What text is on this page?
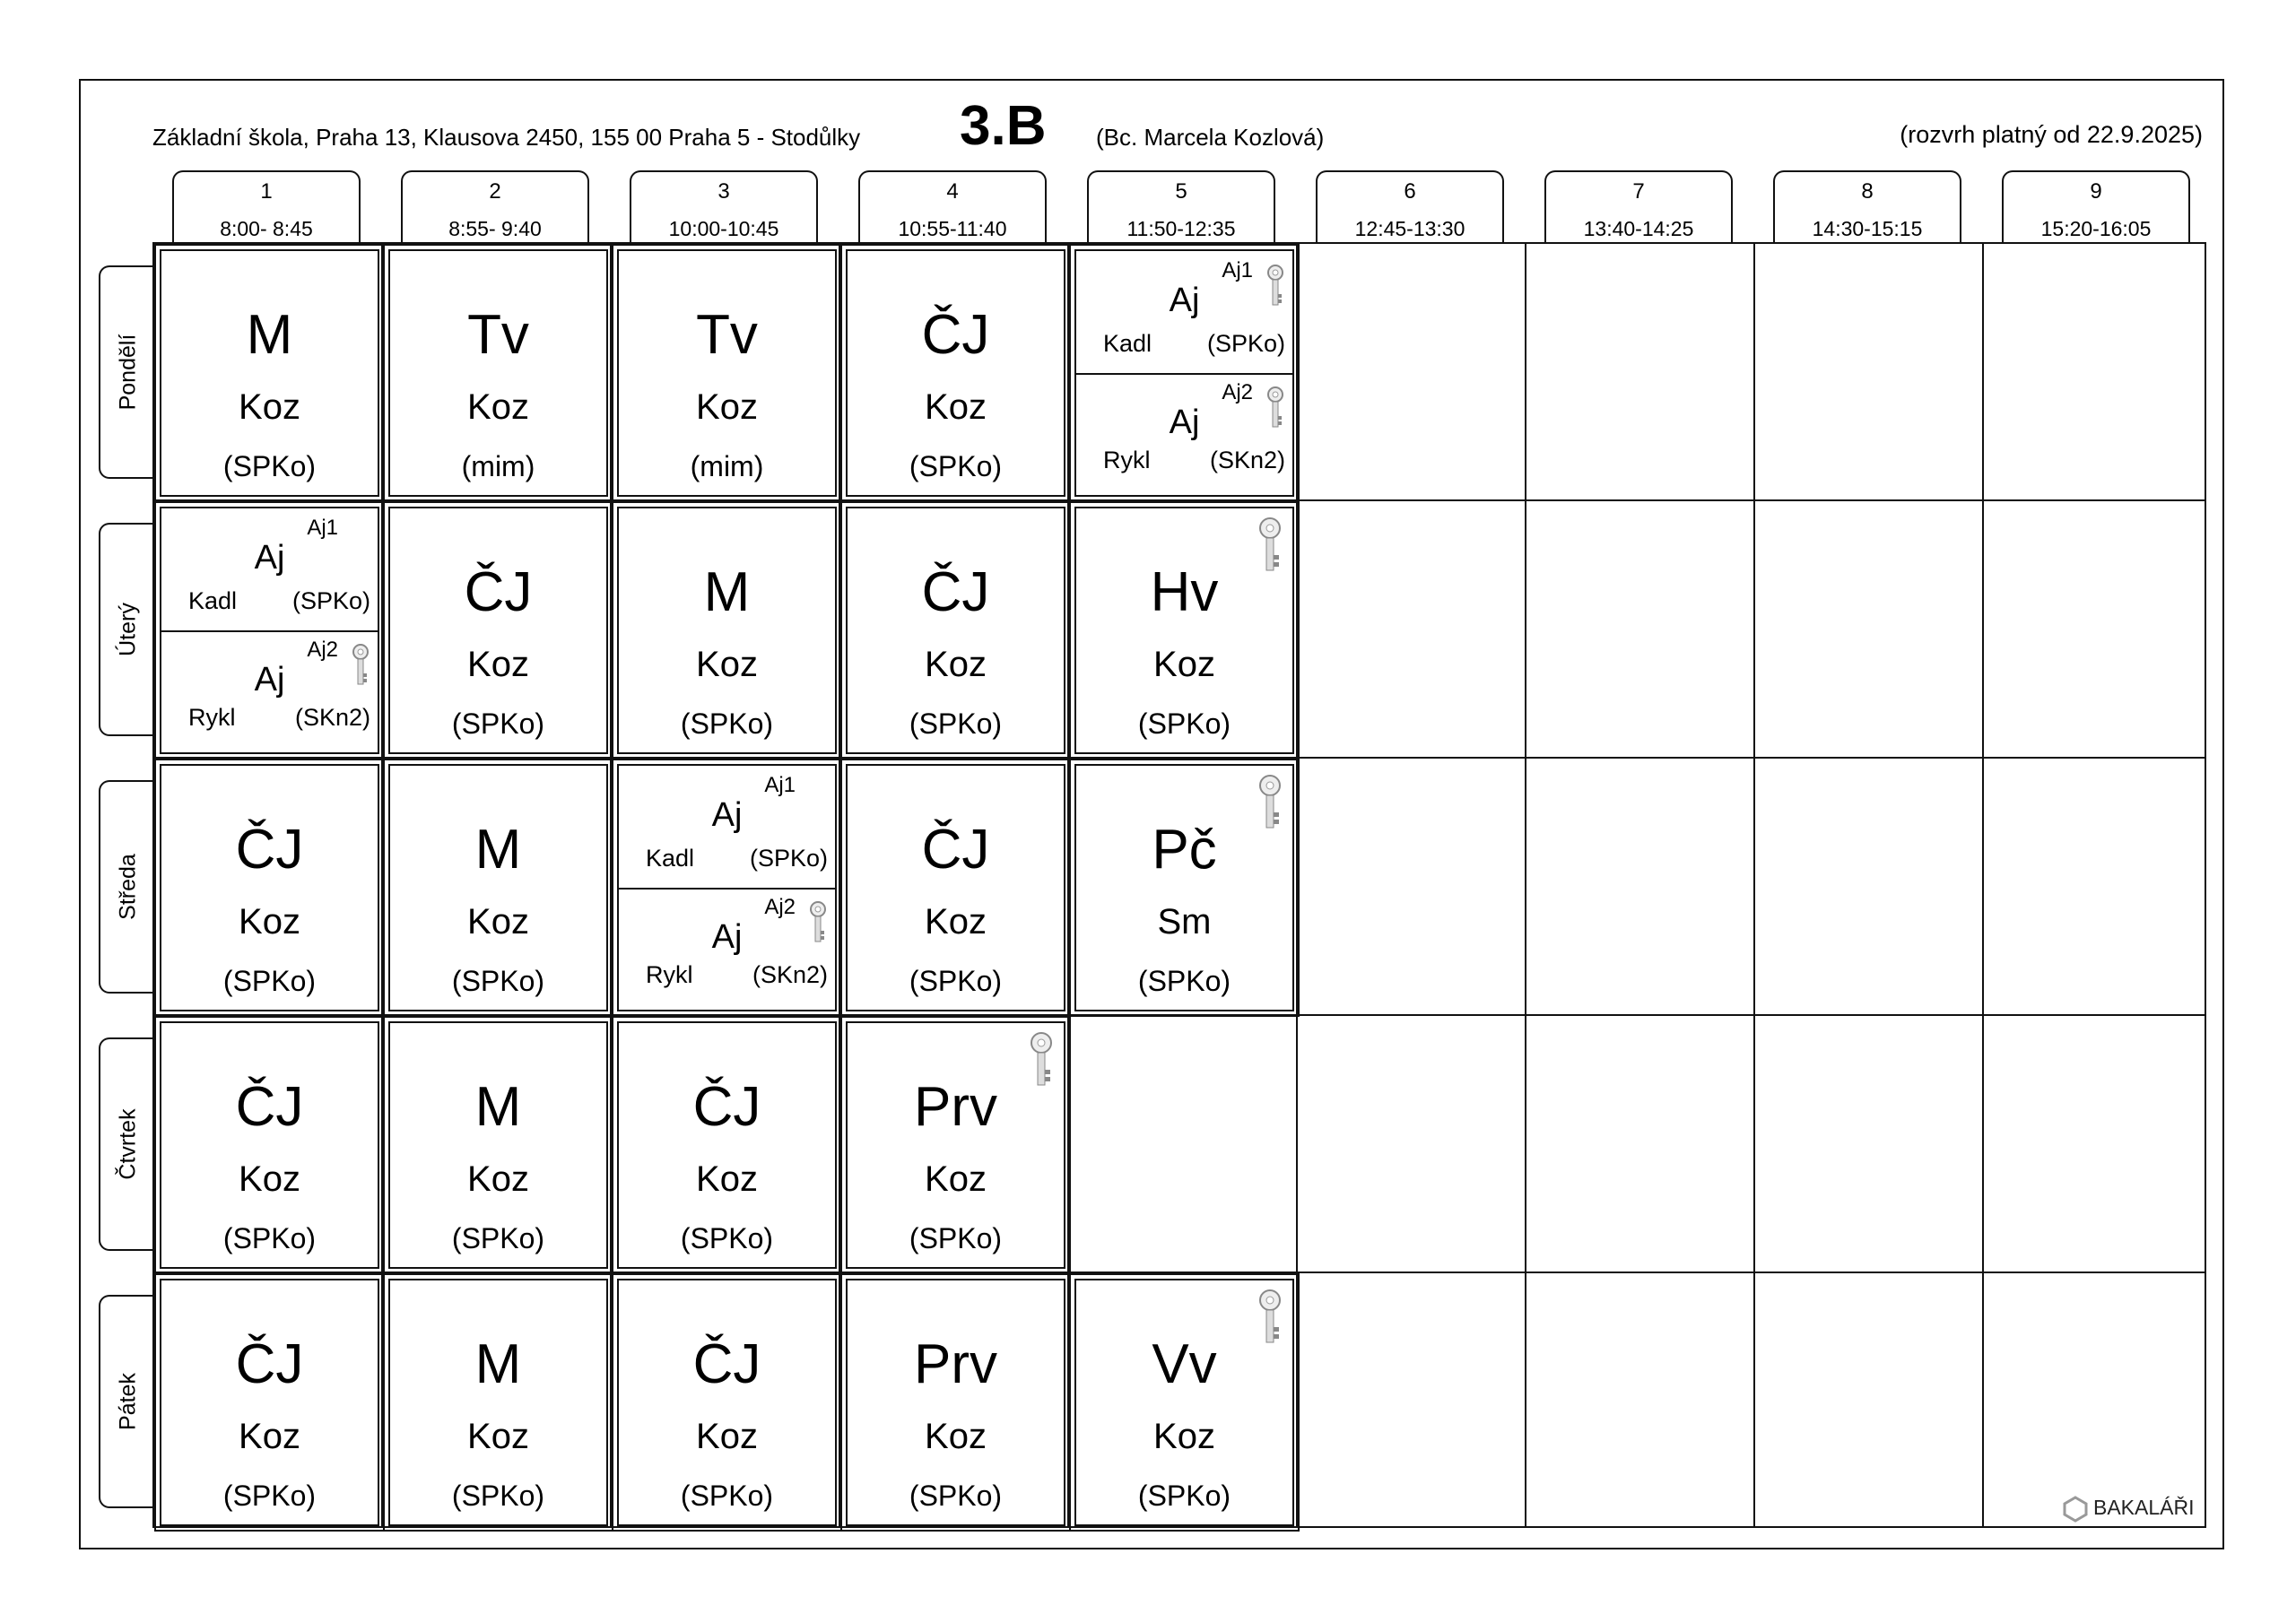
Základní škola, Praha 13, Klausova 2450, 155 00 Praha 5 - Stodůlky 3.B (Bc. Marcela Kozlová)	(rozvrh platný od 22.9.2025)
1
8:00- 8:45
2
8:55- 9:40
3
10:00-10:45
4
10:55-11:40
5
11:50-12:35
6
12:45-13:30
7
13:40-14:25
8
14:30-15:15
9
15:20-16:05
Pondělí
Úterý
Středa
Čtvrtek
Pátek
M
Koz
(SPKo)
Tv
Koz
(mim)
Tv
Koz
(mim)
ČJ
Koz
(SPKo)
Aj1
Aj
Kadl (SPKo)
Aj2
Aj
Rykl (SKn2)
Aj1
Aj
Kadl (SPKo)
Aj2
Aj
Rykl (SKn2)
ČJ
Koz
(SPKo)
M
Koz
(SPKo)
ČJ
Koz
(SPKo)
Hv
Koz
(SPKo)
ČJ
Koz
(SPKo)
M
Koz
(SPKo)
Aj1
Aj
Kadl (SPKo)
Aj2
Aj
Rykl (SKn2)
ČJ
Koz
(SPKo)
Pč
Sm
(SPKo)
ČJ
Koz
(SPKo)
M
Koz
(SPKo)
ČJ
Koz
(SPKo)
Prv
Koz
(SPKo)
ČJ
Koz
(SPKo)
M
Koz
(SPKo)
ČJ
Koz
(SPKo)
Prv
Koz
(SPKo)
Vv
Koz
(SPKo)	BAKALÁŘI
